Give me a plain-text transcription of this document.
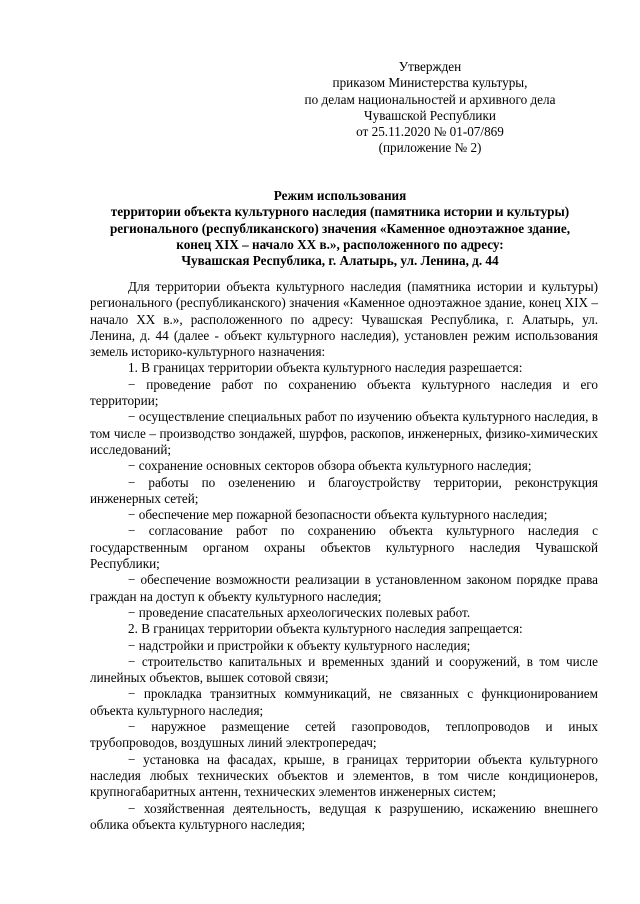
Утвержден
приказом Министерства культуры,
по делам национальностей и архивного дела
Чувашской Республики
от 25.11.2020 № 01-07/869
(приложение № 2)
Режим использования
территории объекта культурного наследия (памятника истории и культуры)
регионального (республиканского) значения «Каменное одноэтажное здание,
конец XIX – начало XX в.», расположенного по адресу:
Чувашская Республика, г. Алатырь, ул. Ленина, д. 44

Для территории объекта культурного наследия (памятника истории и культуры) регионального (республиканского) значения «Каменное одноэтажное здание, конец XIX – начало XX в.», расположенного по адресу: Чувашская Республика, г. Алатырь, ул. Ленина, д. 44 (далее - объект культурного наследия), установлен режим использования земель историко-культурного назначения:

1. В границах территории объекта культурного наследия разрешается:

− проведение работ по сохранению объекта культурного наследия и его территории;

− осуществление специальных работ по изучению объекта культурного наследия, в том числе – производство зондажей, шурфов, раскопов, инженерных, физико-химических исследований;

− сохранение основных секторов обзора объекта культурного наследия;

− работы по озеленению и благоустройству территории, реконструкция инженерных сетей;

− обеспечение мер пожарной безопасности объекта культурного наследия;

− согласование работ по сохранению объекта культурного наследия с государственным органом охраны объектов культурного наследия Чувашской Республики;

− обеспечение возможности реализации в установленном законом порядке права граждан на доступ к объекту культурного наследия;

− проведение спасательных археологических полевых работ.

2. В границах территории объекта культурного наследия запрещается:

− надстройки и пристройки к объекту культурного наследия;

− строительство капитальных и временных зданий и сооружений, в том числе линейных объектов, вышек сотовой связи;

− прокладка транзитных коммуникаций, не связанных с функционированием объекта культурного наследия;

− наружное размещение сетей газопроводов, теплопроводов и иных трубопроводов, воздушных линий электропередач;

− установка на фасадах, крыше, в границах территории объекта культурного наследия любых технических объектов и элементов, в том числе кондиционеров, крупногабаритных антенн, технических элементов инженерных систем;

− хозяйственная деятельность, ведущая к разрушению, искажению внешнего облика объекта культурного наследия;
